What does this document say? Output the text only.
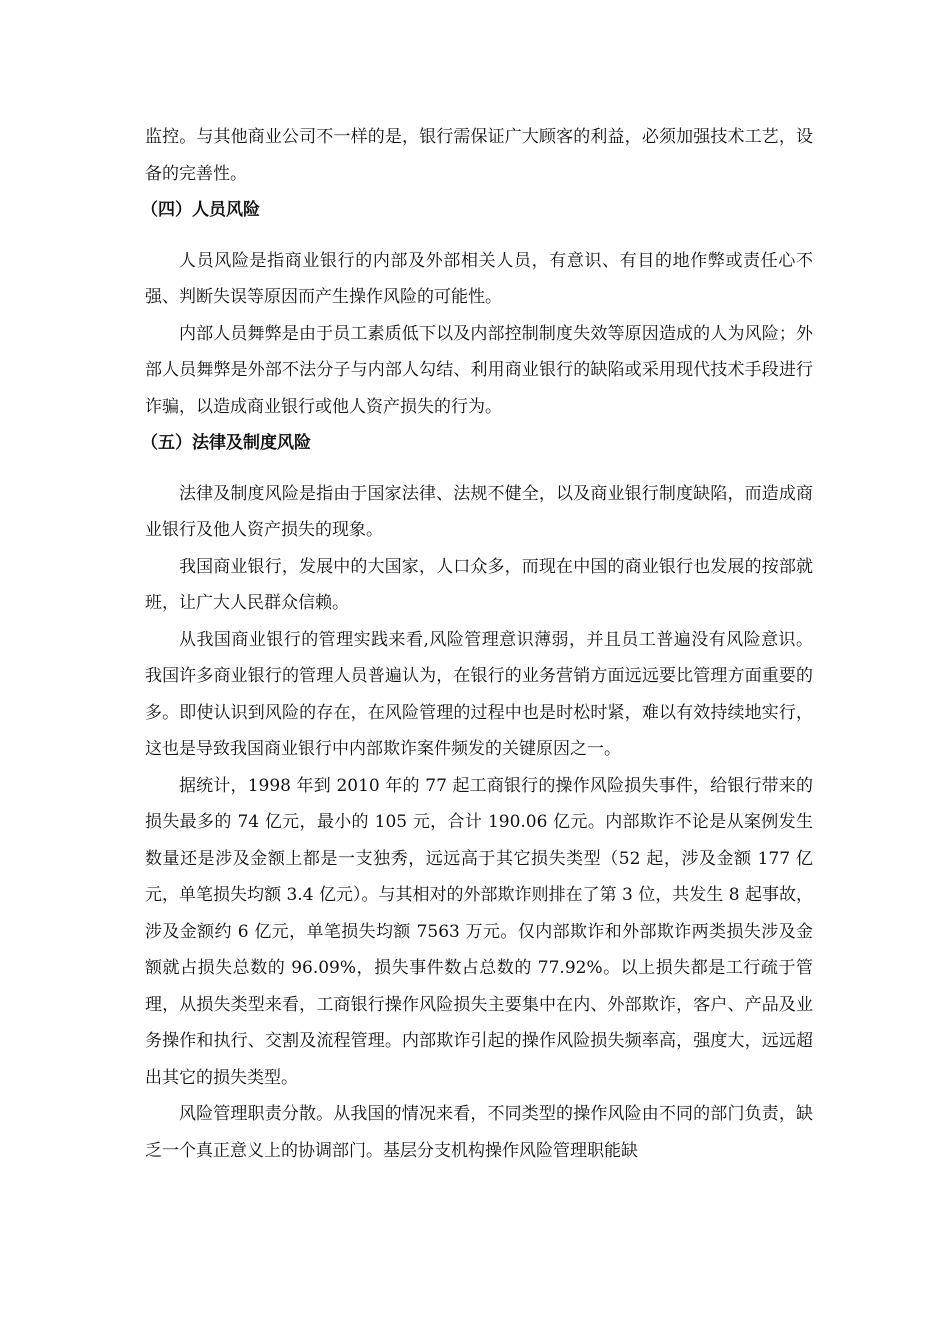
监控。与其他商业公司不一样的是，银行需保证广大顾客的利益，必须加强技术工艺，设备的完善性。

（四）人员风险

人员风险是指商业银行的内部及外部相关人员，有意识、有目的地作弊或责任心不强、判断失误等原因而产生操作风险的可能性。

内部人员舞弊是由于员工素质低下以及内部控制制度失效等原因造成的人为风险；外部人员舞弊是外部不法分子与内部人勾结、利用商业银行的缺陷或采用现代技术手段进行诈骗，以造成商业银行或他人资产损失的行为。

（五）法律及制度风险

法律及制度风险是指由于国家法律、法规不健全，以及商业银行制度缺陷，而造成商业银行及他人资产损失的现象。

我国商业银行，发展中的大国家，人口众多，而现在中国的商业银行也发展的按部就班，让广大人民群众信赖。

从我国商业银行的管理实践来看,风险管理意识薄弱，并且员工普遍没有风险意识。我国许多商业银行的管理人员普遍认为，在银行的业务营销方面远远要比管理方面重要的多。即使认识到风险的存在，在风险管理的过程中也是时松时紧，难以有效持续地实行，这也是导致我国商业银行中内部欺诈案件频发的关键原因之一。

据统计，1998 年到 2010 年的 77 起工商银行的操作风险损失事件，给银行带来的损失最多的 74 亿元，最小的 105 元，合计 190.06 亿元。内部欺诈不论是从案例发生数量还是涉及金额上都是一支独秀，远远高于其它损失类型（52 起，涉及金额 177 亿元，单笔损失均额 3.4 亿元）。与其相对的外部欺诈则排在了第 3 位，共发生 8 起事故，涉及金额约 6 亿元，单笔损失均额 7563 万元。仅内部欺诈和外部欺诈两类损失涉及金额就占损失总数的 96.09%，损失事件数占总数的 77.92%。以上损失都是工行疏于管理，从损失类型来看，工商银行操作风险损失主要集中在内、外部欺诈，客户、产品及业务操作和执行、交割及流程管理。内部欺诈引起的操作风险损失频率高，强度大，远远超出其它的损失类型。

风险管理职责分散。从我国的情况来看，不同类型的操作风险由不同的部门负责，缺乏一个真正意义上的协调部门。基层分支机构操作风险管理职能缺
